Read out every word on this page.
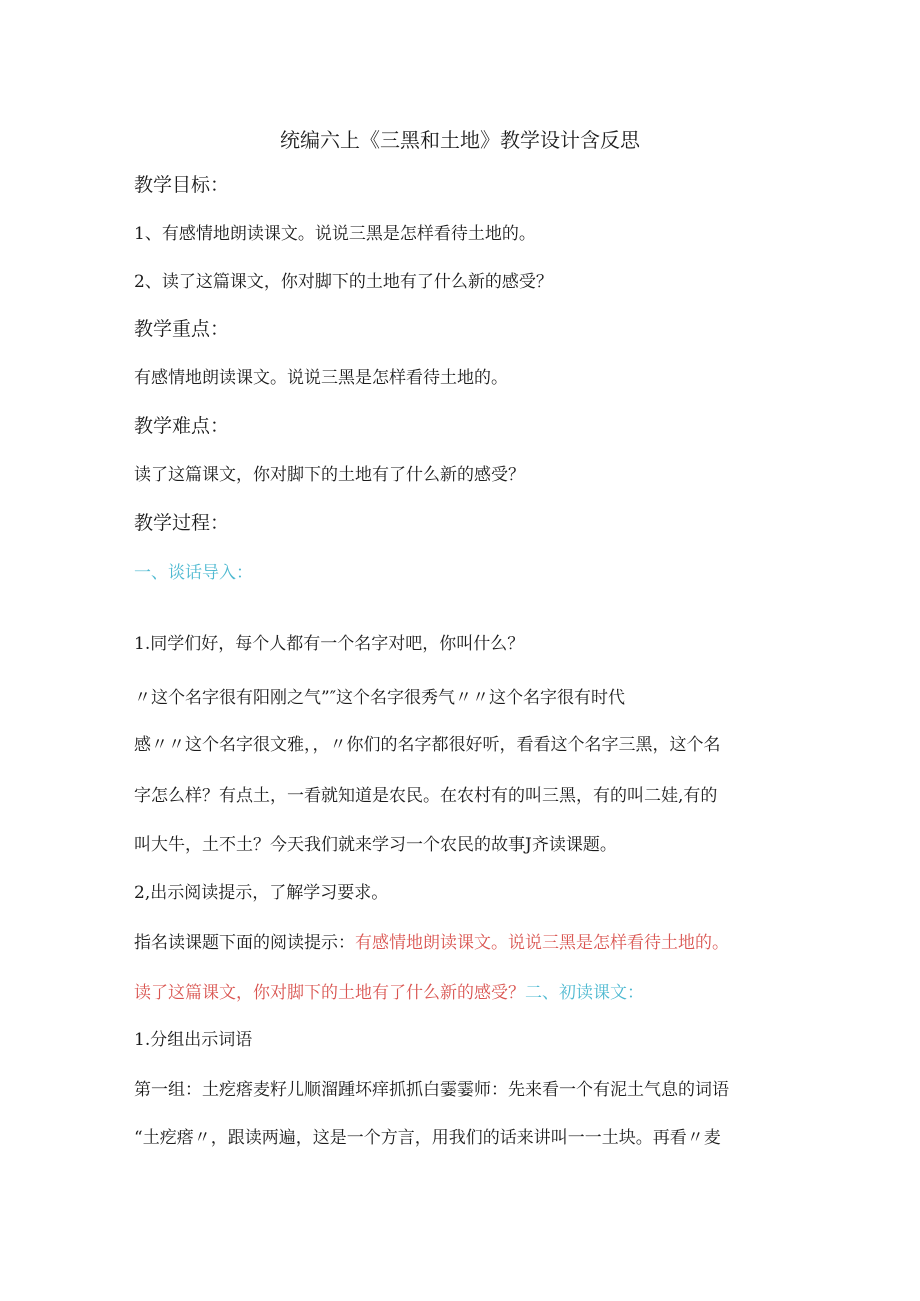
统编六上《三黑和土地》教学设计含反思
教学目标：
1、有感情地朗读课文。说说三黑是怎样看待土地的。
2、读了这篇课文，你对脚下的土地有了什么新的感受？
教学重点：
有感情地朗读课文。说说三黑是怎样看待土地的。
教学难点：
读了这篇课文，你对脚下的土地有了什么新的感受？
教学过程：
一、谈话导入：
1.同学们好，每个人都有一个名字对吧，你叫什么？
〃这个名字很有阳刚之气”″这个名字很秀气〃〃这个名字很有时代
感〃〃这个名字很文雅，，〃你们的名字都很好听，看看这个名字三黑，这个名
字怎么样？有点土，一看就知道是农民。在农村有的叫三黑，有的叫二娃,有的
叫大牛，土不土？今天我们就来学习一个农民的故事J齐读课题。
2,出示阅读提示，了解学习要求。
指名读课题下面的阅读提示：有感情地朗读课文。说说三黑是怎样看待土地的。
读了这篇课文，你对脚下的土地有了什么新的感受？二、初读课文：
1.分组出示词语
第一组：土疙瘩麦籽儿顺溜踵坏痒抓抓白霎霎师：先来看一个有泥土气息的词语
“土疙瘩〃，跟读两遍，这是一个方言，用我们的话来讲叫一一土块。再看〃麦
